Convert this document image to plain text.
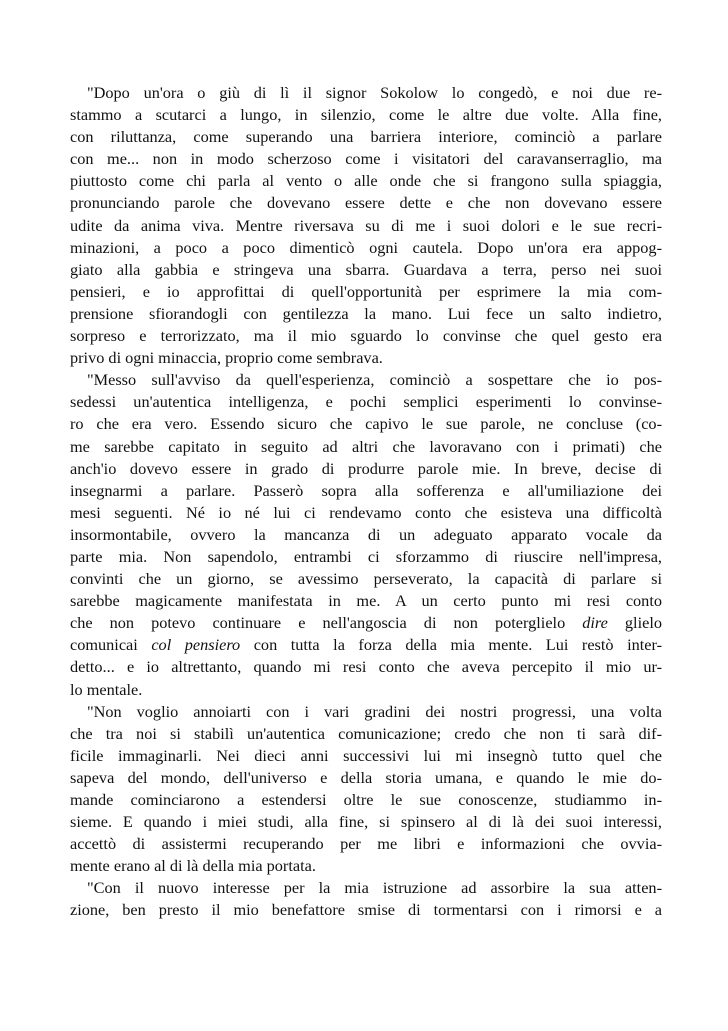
"Dopo un'ora o giù di lì il signor Sokolow lo congedò, e noi due re-
stammo a scutarci a lungo, in silenzio, come le altre due volte. Alla fine,
con riluttanza, come superando una barriera interiore, cominciò a parlare
con me... non in modo scherzoso come i visitatori del caravanserraglio, ma
piuttosto come chi parla al vento o alle onde che si frangono sulla spiaggia,
pronunciando parole che dovevano essere dette e che non dovevano essere
udite da anima viva. Mentre riversava su di me i suoi dolori e le sue recri-
minazioni, a poco a poco dimenticò ogni cautela. Dopo un'ora era appog-
giato alla gabbia e stringeva una sbarra. Guardava a terra, perso nei suoi
pensieri, e io approfittai di quell'opportunità per esprimere la mia com-
prensione sfiorandogli con gentilezza la mano. Lui fece un salto indietro,
sorpreso e terrorizzato, ma il mio sguardo lo convinse che quel gesto era
privo di ogni minaccia, proprio come sembrava.
"Messo sull'avviso da quell'esperienza, cominciò a sospettare che io pos-
sedessi un'autentica intelligenza, e pochi semplici esperimenti lo convinse-
ro che era vero. Essendo sicuro che capivo le sue parole, ne concluse (co-
me sarebbe capitato in seguito ad altri che lavoravano con i primati) che
anch'io dovevo essere in grado di produrre parole mie. In breve, decise di
insegnarmi a parlare. Passerò sopra alla sofferenza e all'umiliazione dei
mesi seguenti. Né io né lui ci rendevamo conto che esisteva una difficoltà
insormontabile, ovvero la mancanza di un adeguato apparato vocale da
parte mia. Non sapendolo, entrambi ci sforzammo di riuscire nell'impresa,
convinti che un giorno, se avessimo perseverato, la capacità di parlare si
sarebbe magicamente manifestata in me. A un certo punto mi resi conto
che non potevo continuare e nell'angoscia di non poterglielo dire glielo
comunicai col pensiero con tutta la forza della mia mente. Lui restò inter-
detto... e io altrettanto, quando mi resi conto che aveva percepito il mio ur-
lo mentale.
"Non voglio annoiarti con i vari gradini dei nostri progressi, una volta
che tra noi si stabilì un'autentica comunicazione; credo che non ti sarà dif-
ficile immaginarli. Nei dieci anni successivi lui mi insegnò tutto quel che
sapeva del mondo, dell'universo e della storia umana, e quando le mie do-
mande cominciarono a estendersi oltre le sue conoscenze, studiammo in-
sieme. E quando i miei studi, alla fine, si spinsero al di là dei suoi interessi,
accettò di assistermi recuperando per me libri e informazioni che ovvia-
mente erano al di là della mia portata.
"Con il nuovo interesse per la mia istruzione ad assorbire la sua atten-
zione, ben presto il mio benefattore smise di tormentarsi con i rimorsi e a
